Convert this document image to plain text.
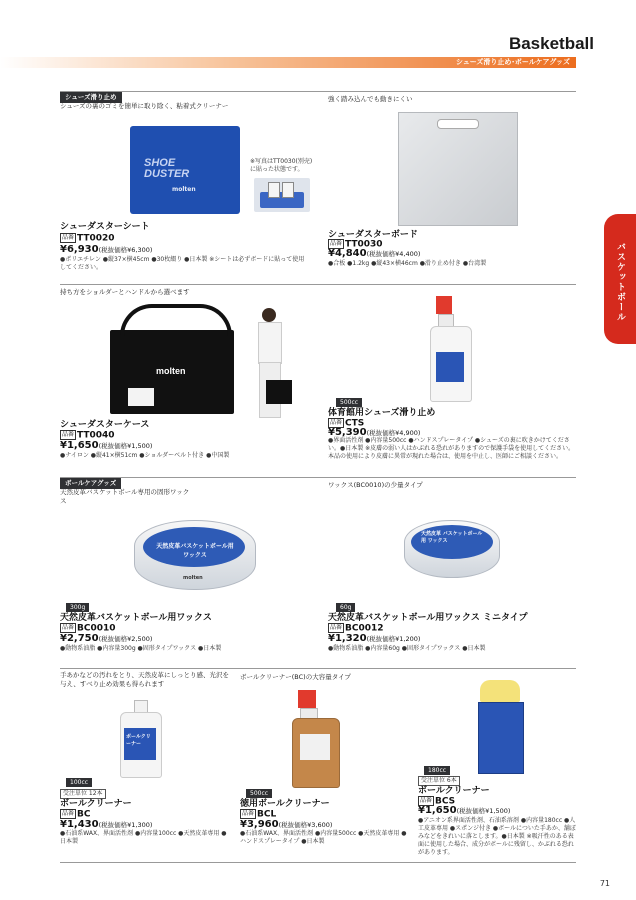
Basketball
シューズ滑り止め･ボールケアグッズ
バスケットボール
シューズ滑り止め
シューズの裏のゴミを簡単に取り除く、粘着式クリーナー
SHOE DUSTER
molten
※写真はTT0030(別売)に貼った状態です。
シューダスターシート
品番 TT0020
¥6,930(税抜価格¥6,300)
●ポリエチレン ●縦37×横45cm ●30枚綴り ●日本製 ※シートは必ずボードに貼って使用してください。
強く踏み込んでも動きにくい
シューダスターボード
品番 TT0030
¥4,840(税抜価格¥4,400)
●合板 ●1.2kg ●縦43×横46cm ●滑り止め付き ●台湾製
持ち方をショルダーとハンドルから選べます
molten
シューダスターケース
品番 TT0040
¥1,650(税抜価格¥1,500)
●ナイロン ●縦41×横51cm ●ショルダーベルト付き ●中国製
500cc
体育館用シューズ滑り止め
品番 CTS
¥5,390(税抜価格¥4,900)
●界面活性剤 ●内容量500cc ●ハンドスプレータイプ ●シューズの裏に吹きかけてください。●日本製 ※皮膚の弱い人はかぶれる恐れがありますので保護手袋を使用してください。本品の使用により皮膚に異常が現れた場合は、使用を中止し、医師にご相談ください。
ボールケアグッズ
天然皮革バスケットボール専用の固形ワックス
天然皮革バスケットボール用ワックス
molten
300g
天然皮革バスケットボール用ワックス
品番 BC0010
¥2,750(税抜価格¥2,500)
●動物系油脂 ●内容量300g ●固形タイプワックス ●日本製
ワックス(BC0010)の少量タイプ
天然皮革 バスケットボール用 ワックス
60g
天然皮革バスケットボール用ワックス ミニタイプ
品番 BC0012
¥1,320(税抜価格¥1,200)
●動物系油脂 ●内容量60g ●固形タイプワックス ●日本製
手あかなどの汚れをとり、天然皮革にしっとり感、光沢を与え、すべり止め効果も得られます
ボールクリーナー
100cc
受注単位 12本
ボールクリーナー
品番 BC
¥1,430(税抜価格¥1,300)
●石油系WAX、界面活性剤 ●内容量100cc ●天然皮革専用 ●日本製
ボールクリーナー(BC)の大容量タイプ
500cc
徳用ボールクリーナー
品番 BCL
¥3,960(税抜価格¥3,600)
●石油系WAX、界面活性剤 ●内容量500cc ●天然皮革専用 ●ハンドスプレータイプ ●日本製
180cc
受注単位 6本
ボールクリーナー
品番 BCS
¥1,650(税抜価格¥1,500)
●アニオン系界面活性剤、石油系溶剤 ●内容量180cc ●人工皮革専用 ●スポンジ付き ●ボールについた手あか、舗ぼみなどをきれいに落とします。●日本製 ※吸汗性のある表面に使用した場合、成分がボールに残留し、かぶれる恐れがあります。
71
